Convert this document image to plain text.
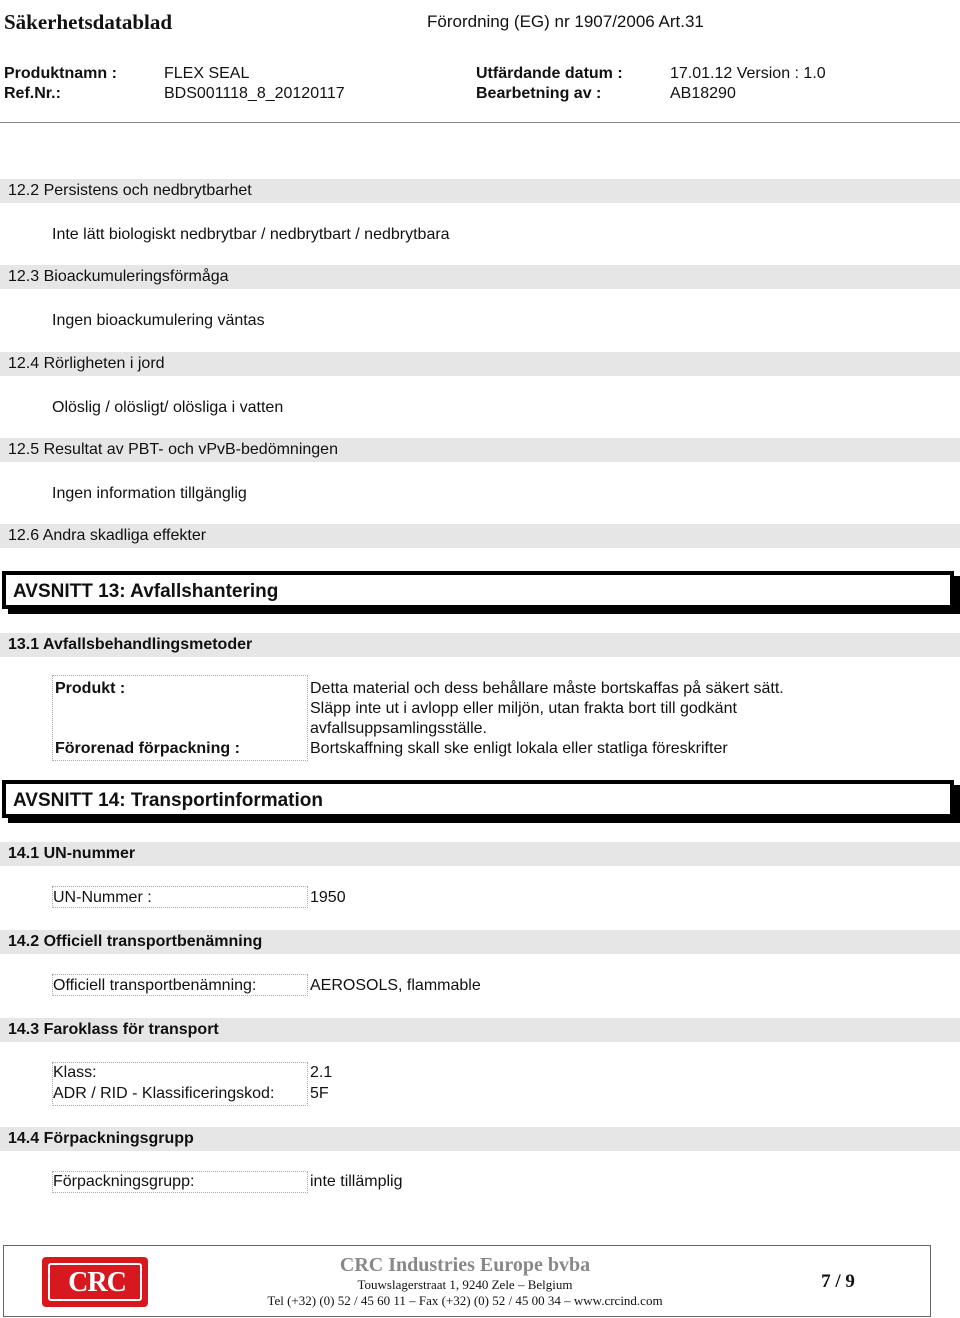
Säkerhetsdatablad	Förordning (EG) nr 1907/2006 Art.31
Produktnamn :	FLEX SEAL	Utfärdande datum :	17.01.12 Version : 1.0
Ref.Nr.:	BDS001118_8_20120117	Bearbetning av :	AB18290
12.2 Persistens och nedbrytbarhet
Inte lätt biologiskt nedbrytbar / nedbrytbart / nedbrytbara
12.3 Bioackumuleringsförmåga
Ingen bioackumulering väntas
12.4 Rörligheten i jord
Olöslig / olösligt/ olösliga i vatten
12.5 Resultat av PBT- och vPvB-bedömningen
Ingen information tillgänglig
12.6 Andra skadliga effekter
AVSNITT 13: Avfallshantering
13.1 Avfallsbehandlingsmetoder
Produkt :	Detta material och dess behållare måste bortskaffas på säkert sätt.
Släpp inte ut i avlopp eller miljön, utan frakta bort till godkänt
avfallsuppsamlingsställe.
Förorenad förpackning :	Bortskaffning skall ske enligt lokala eller statliga föreskrifter
AVSNITT 14: Transportinformation
14.1 UN-nummer
UN-Nummer :	1950
14.2 Officiell transportbenämning
Officiell transportbenämning:	AEROSOLS, flammable
14.3 Faroklass för transport
Klass:	2.1
ADR / RID - Klassificeringskod: 5F
14.4 Förpackningsgrupp
Förpackningsgrupp:	inte tillämplig
CRC
CRC Industries Europe bvba
Touwslagerstraat 1, 9240 Zele – Belgium
Tel (+32) (0) 52 / 45 60 11 – Fax (+32) (0) 52 / 45 00 34 – www.crcind.com
7 / 9
